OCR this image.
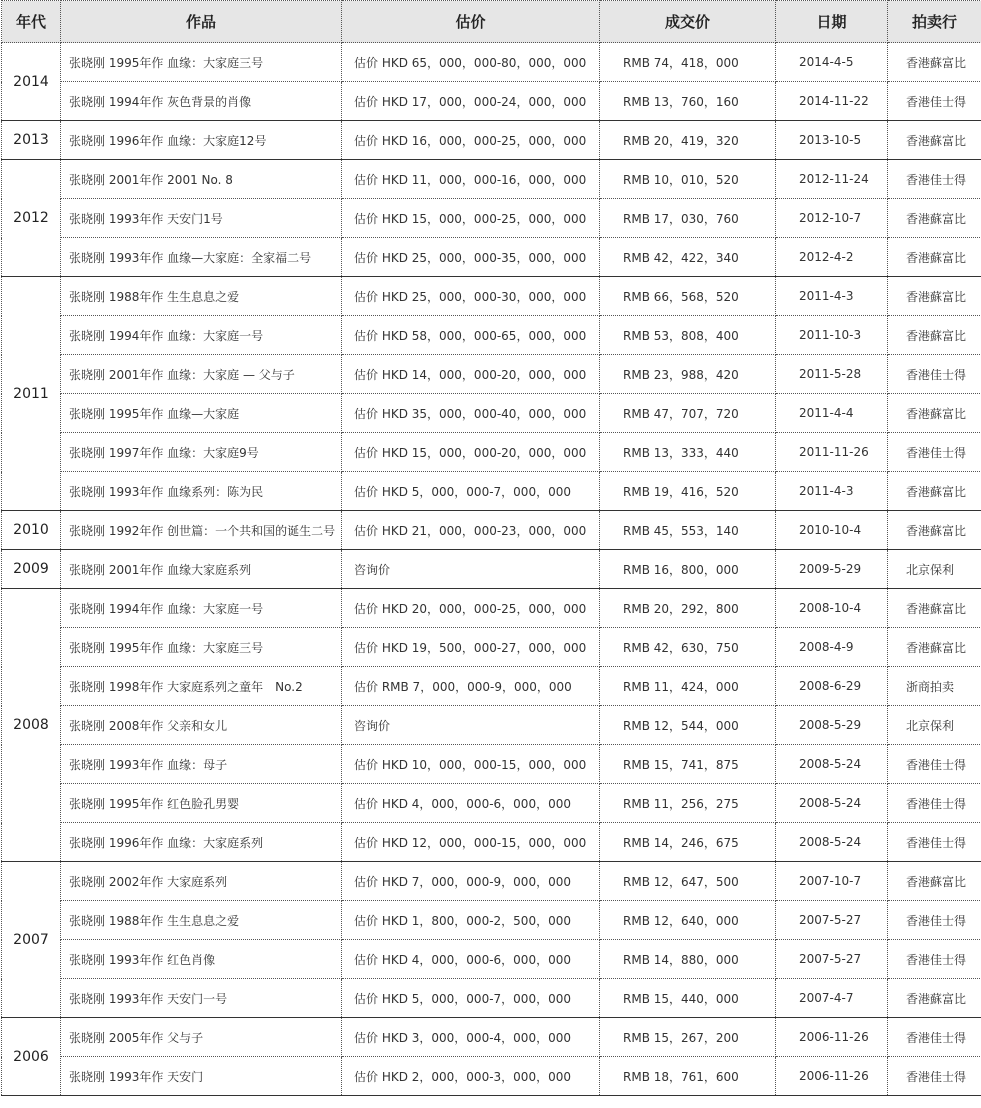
年代	作品	估价	成交价	日期	拍卖行
2014	张晓刚 1995年作 血缘：大家庭三号	估价 HKD 65，000，000-80，000，000	RMB 74，418，000	2014-4-5	香港蘇富比
	张晓刚 1994年作 灰色背景的肖像	估价 HKD 17，000，000-24，000，000	RMB 13，760，160	2014-11-22	香港佳士得
2013	张晓刚 1996年作 血缘：大家庭12号	估价 HKD 16，000，000-25，000，000	RMB 20，419，320	2013-10-5	香港蘇富比
2012	张晓刚 2001年作 2001 No. 8	估价 HKD 11，000，000-16，000，000	RMB 10，010，520	2012-11-24	香港佳士得
	张晓刚 1993年作 天安门1号	估价 HKD 15，000，000-25，000，000	RMB 17，030，760	2012-10-7	香港蘇富比
	张晓刚 1993年作 血缘—大家庭：全家福二号	估价 HKD 25，000，000-35，000，000	RMB 42，422，340	2012-4-2	香港蘇富比
2011	张晓刚 1988年作 生生息息之爱	估价 HKD 25，000，000-30，000，000	RMB 66，568，520	2011-4-3	香港蘇富比
	张晓刚 1994年作 血缘：大家庭一号	估价 HKD 58，000，000-65，000，000	RMB 53，808，400	2011-10-3	香港蘇富比
	张晓刚 2001年作 血缘：大家庭 — 父与子	估价 HKD 14，000，000-20，000，000	RMB 23，988，420	2011-5-28	香港佳士得
	张晓刚 1995年作 血缘—大家庭	估价 HKD 35，000，000-40，000，000	RMB 47，707，720	2011-4-4	香港蘇富比
	张晓刚 1997年作 血缘：大家庭9号	估价 HKD 15，000，000-20，000，000	RMB 13，333，440	2011-11-26	香港佳士得
	张晓刚 1993年作 血缘系列：陈为民	估价 HKD 5，000，000-7，000，000	RMB 19，416，520	2011-4-3	香港蘇富比
2010	张晓刚 1992年作 创世篇：一个共和国的诞生二号	估价 HKD 21，000，000-23，000，000	RMB 45，553，140	2010-10-4	香港蘇富比
2009	张晓刚 2001年作 血缘大家庭系列	咨询价	RMB 16，800，000	2009-5-29	北京保利
2008	张晓刚 1994年作 血缘：大家庭一号	估价 HKD 20，000，000-25，000，000	RMB 20，292，800	2008-10-4	香港蘇富比
	张晓刚 1995年作 血缘：大家庭三号	估价 HKD 19，500，000-27，000，000	RMB 42，630，750	2008-4-9	香港蘇富比
	张晓刚 1998年作 大家庭系列之童年　No.2	估价 RMB 7，000，000-9，000，000	RMB 11，424，000	2008-6-29	浙商拍卖
	张晓刚 2008年作 父亲和女儿	咨询价	RMB 12，544，000	2008-5-29	北京保利
	张晓刚 1993年作 血缘：母子	估价 HKD 10，000，000-15，000，000	RMB 15，741，875	2008-5-24	香港佳士得
	张晓刚 1995年作 红色脸孔男婴	估价 HKD 4，000，000-6，000，000	RMB 11，256，275	2008-5-24	香港佳士得
	张晓刚 1996年作 血缘：大家庭系列	估价 HKD 12，000，000-15，000，000	RMB 14，246，675	2008-5-24	香港佳士得
2007	张晓刚 2002年作 大家庭系列	估价 HKD 7，000，000-9，000，000	RMB 12，647，500	2007-10-7	香港蘇富比
	张晓刚 1988年作 生生息息之爱	估价 HKD 1，800，000-2，500，000	RMB 12，640，000	2007-5-27	香港佳士得
	张晓刚 1993年作 红色肖像	估价 HKD 4，000，000-6，000，000	RMB 14，880，000	2007-5-27	香港佳士得
	张晓刚 1993年作 天安门一号	估价 HKD 5，000，000-7，000，000	RMB 15，440，000	2007-4-7	香港蘇富比
2006	张晓刚 2005年作 父与子	估价 HKD 3，000，000-4，000，000	RMB 15，267，200	2006-11-26	香港佳士得
	张晓刚 1993年作 天安门	估价 HKD 2，000，000-3，000，000	RMB 18，761，600	2006-11-26	香港佳士得
